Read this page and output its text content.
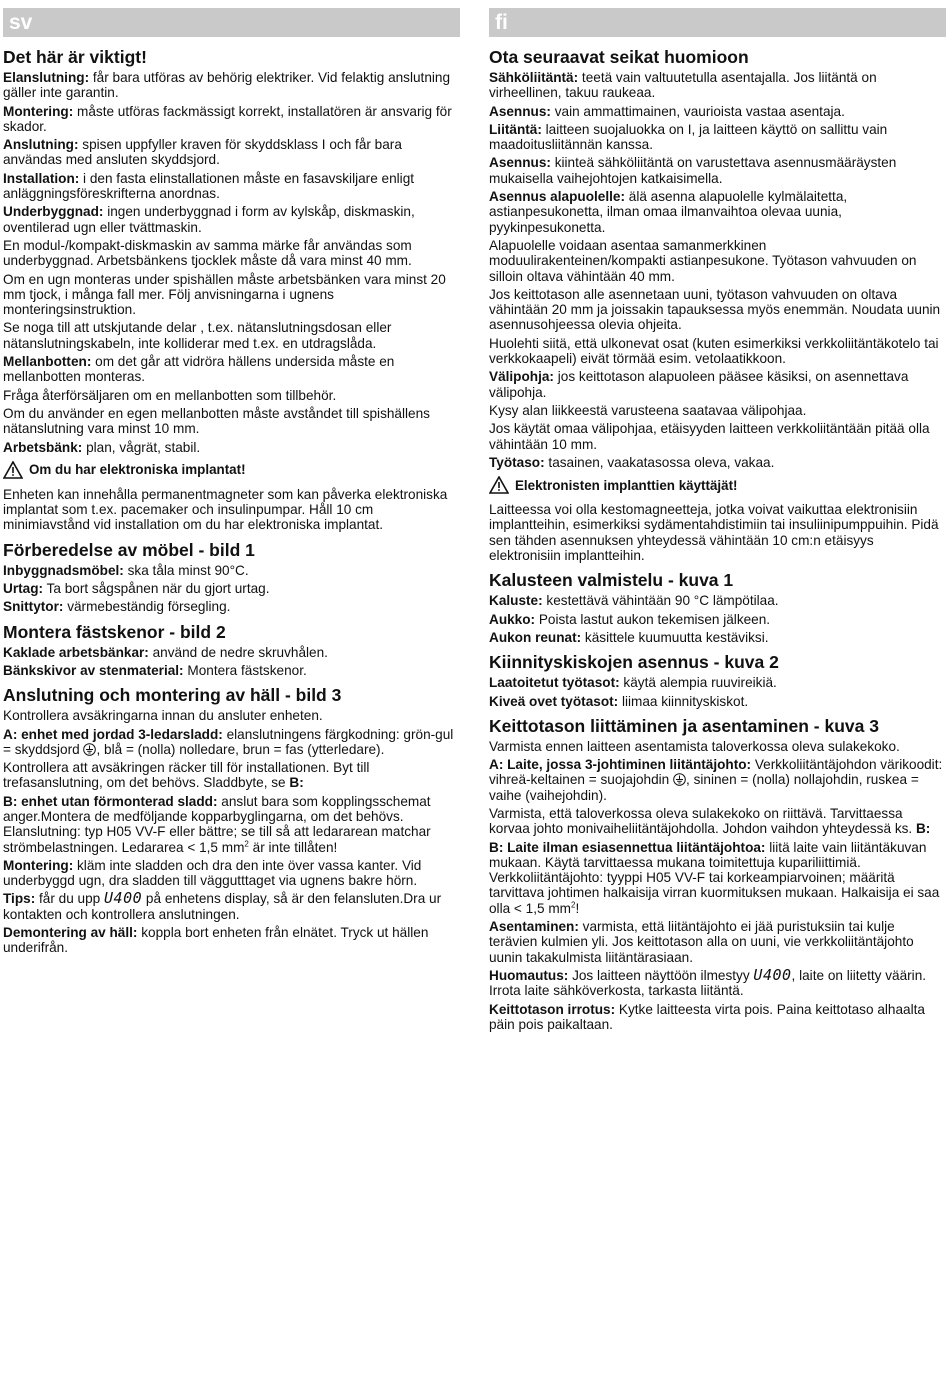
sv
Det här är viktigt!

Elanslutning: får bara utföras av behörig elektriker. Vid felaktig anslutning gäller inte garantin.

Montering: måste utföras fackmässigt korrekt, installatören är ansvarig för skador.

Anslutning: spisen uppfyller kraven för skyddsklass I och får bara användas med ansluten skyddsjord.

Installation: i den fasta elinstallationen måste en fasavskiljare enligt anläggningsföreskrifterna anordnas.

Underbyggnad: ingen underbyggnad i form av kylskåp, diskmaskin, oventilerad ugn eller tvättmaskin.

En modul-/kompakt-diskmaskin av samma märke får användas som underbyggnad. Arbetsbänkens tjocklek måste då vara minst 40 mm.

Om en ugn monteras under spishällen måste arbetsbänken vara minst 20 mm tjock, i många fall mer. Följ anvisningarna i ugnens monteringsinstruktion.

Se noga till att utskjutande delar , t.ex. nätanslutningsdosan eller nätanslutningskabeln, inte kolliderar med t.ex. en utdragslåda.

Mellanbotten: om det går att vidröra hällens undersida måste en mellanbotten monteras.

Fråga återförsäljaren om en mellanbotten som tillbehör.

Om du använder en egen mellanbotten måste avståndet till spishällens nätanslutning vara minst 10 mm.

Arbetsbänk: plan, vågrät, stabil.

Om du har elektroniska implantat!

Enheten kan innehålla permanentmagneter som kan påverka elektroniska implantat som t.ex. pacemaker och insulinpumpar. Håll 10 cm minimiavstånd vid installation om du har elektroniska implantat.

Förberedelse av möbel - bild 1

Inbyggnadsmöbel: ska tåla minst 90°C.

Urtag: Ta bort sågspånen när du gjort urtag.

Snittytor: värmebeständig försegling.

Montera fästskenor - bild 2

Kaklade arbetsbänkar: använd de nedre skruvhålen.

Bänkskivor av stenmaterial: Montera fästskenor.

Anslutning och montering av häll - bild 3

Kontrollera avsäkringarna innan du ansluter enheten.

A: enhet med jordad 3-ledarsladd: elanslutningens färgkodning: grön-gul = skyddsjord , blå = (nolla) nolledare, brun = fas (ytterledare).

Kontrollera att avsäkringen räcker till för installationen. Byt till trefasanslutning, om det behövs. Sladdbyte, se B:

B: enhet utan förmonterad sladd: anslut bara som kopplingsschemat anger.Montera de medföljande kopparbyglingarna, om det behövs. Elanslutning: typ H05 VV-F eller bättre; se till så att ledararean matchar strömbelastningen. Ledararea < 1,5 $mm^2$ är inte tillåten!

Montering: kläm inte sladden och dra den inte över vassa kanter. Vid underbyggd ugn, dra sladden till väggutttaget via ugnens bakre hörn.

Tips: får du upp U400 på enhetens display, så är den felansluten.Dra ur kontakten och kontrollera anslutningen.

Demontering av häll: koppla bort enheten från elnätet. Tryck ut hällen underifrån.

fi
Ota seuraavat seikat huomioon

Sähköliitäntä: teetä vain valtuutetulla asentajalla. Jos liitäntä on virheellinen, takuu raukeaa.

Asennus: vain ammattimainen, vaurioista vastaa asentaja.

Liitäntä: laitteen suojaluokka on I, ja laitteen käyttö on sallittu vain maadoitusliitännän kanssa.

Asennus: kiinteä sähköliitäntä on varustettava asennusmääräysten mukaisella vaihejohtojen katkaisimella.

Asennus alapuolelle: älä asenna alapuolelle kylmälaitetta, astianpesukonetta, ilman omaa ilmanvaihtoa olevaa uunia, pyykinpesukonetta.

Alapuolelle voidaan asentaa samanmerkkinen moduulirakenteinen/kompakti astianpesukone. Työtason vahvuuden on silloin oltava vähintään 40 mm.

Jos keittotason alle asennetaan uuni, työtason vahvuuden on oltava vähintään 20 mm ja joissakin tapauksessa myös enemmän. Noudata uunin asennusohjeessa olevia ohjeita.

Huolehti siitä, että ulkonevat osat (kuten esimerkiksi verkkoliitäntäkotelo tai verkkokaapeli) eivät törmää esim. vetolaatikkoon.

Välipohja: jos keittotason alapuoleen pääsee käsiksi, on asennettava välipohja.

Kysy alan liikkeestä varusteena saatavaa välipohjaa.

Jos käytät omaa välipohjaa, etäisyyden laitteen verkkoliitäntään pitää olla vähintään 10 mm.

Työtaso: tasainen, vaakatasossa oleva, vakaa.

Elektronisten implanttien käyttäjät!

Laitteessa voi olla kestomagneetteja, jotka voivat vaikuttaa elektronisiin implantteihin, esimerkiksi sydämentahdistimiin tai insuliinipumppuihin. Pidä sen tähden asennuksen yhteydessä vähintään 10 cm:n etäisyys elektronisiin implantteihin.

Kalusteen valmistelu - kuva 1

Kaluste: kestettävä vähintään 90 °C lämpötilaa.

Aukko: Poista lastut aukon tekemisen jälkeen.

Aukon reunat: käsittele kuumuutta kestäviksi.

Kiinnityskiskojen asennus - kuva 2

Laatoitetut työtasot: käytä alempia ruuvireikiä.

Kiveä ovet työtasot: liimaa kiinnityskiskot.

Keittotason liittäminen ja asentaminen - kuva 3

Varmista ennen laitteen asentamista taloverkossa oleva sulakekoko.

A: Laite, jossa 3-johtiminen liitäntäjohto: Verkkoliitäntäjohdon värikoodit: vihreä-keltainen = suojajohdin , sininen = (nolla) nollajohdin, ruskea = vaihe (vaihejohdin).

Varmista, että taloverkossa oleva sulakekoko on riittävä. Tarvittaessa korvaa johto monivaiheliitäntäjohdolla. Johdon vaihdon yhteydessä ks. B:

B: Laite ilman esiasennettua liitäntäjohtoa: liitä laite vain liitäntäkuvan mukaan. Käytä tarvittaessa mukana toimitettuja kupariliittimiä. Verkkoliitäntäjohto: tyyppi H05 VV-F tai korkeampiarvoinen; määritä tarvittava johtimen halkaisija virran kuormituksen mukaan. Halkaisija ei saa olla < 1,5 $mm^2$!

Asentaminen: varmista, että liitäntäjohto ei jää puristuksiin tai kulje terävien kulmien yli. Jos keittotason alla on uuni, vie verkkoliitäntäjohto uunin takakulmista liitäntärasiaan.

Huomautus: Jos laitteen näyttöön ilmestyy U400, laite on liitetty väärin. Irrota laite sähköverkosta, tarkasta liitäntä.

Keittotason irrotus: Kytke laitteesta virta pois. Paina keittotaso alhaalta päin pois paikaltaan.
